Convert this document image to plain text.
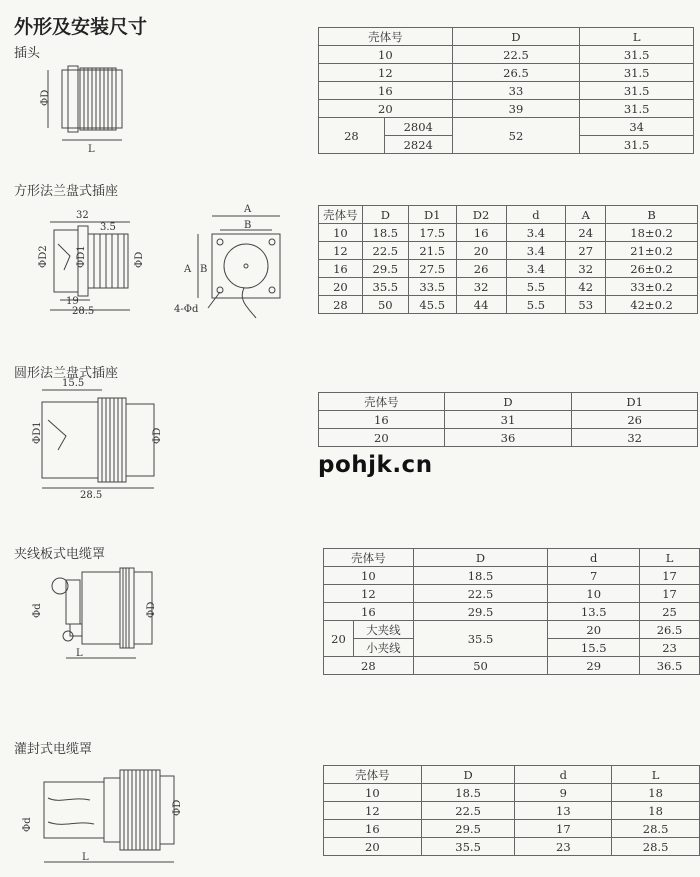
外形及安装尺寸
插头
ΦD
L
壳体号		D	L
10		22.5	31.5
12		26.5	31.5
16		33	31.5
20		39	31.5
28	2804	52	34
	2824		31.5
方形法兰盘式插座
32
3.5
ΦD2	ΦD1	ΦD
19
28.5
A
B
A B
4-Φd
壳体号	D	D1	D2	d	A	B
10	18.5	17.5	16	3.4	24	18±0.2
12	22.5	21.5	20	3.4	27	21±0.2
16	29.5	27.5	26	3.4	32	26±0.2
20	35.5	33.5	32	5.5	42	33±0.2
28	50	45.5	44	5.5	53	42±0.2
圆形法兰盘式插座
15.5
ΦD1	ΦD
28.5
壳体号	D	D1
16	31	26
20	36	32
pohjk.cn
夹线板式电缆罩
Φd	ΦD
L
壳体号		D	d	L
10		18.5	7	17
12		22.5	10	17
16		29.5	13.5	25
20	大夹线	35.5	20	26.5
	小夹线		15.5	23
28		50	29	36.5
灌封式电缆罩
Φd
ΦD
L
壳体号	D	d	L
10	18.5	9	18
12	22.5	13	18
16	29.5	17	28.5
20	35.5	23	28.5
